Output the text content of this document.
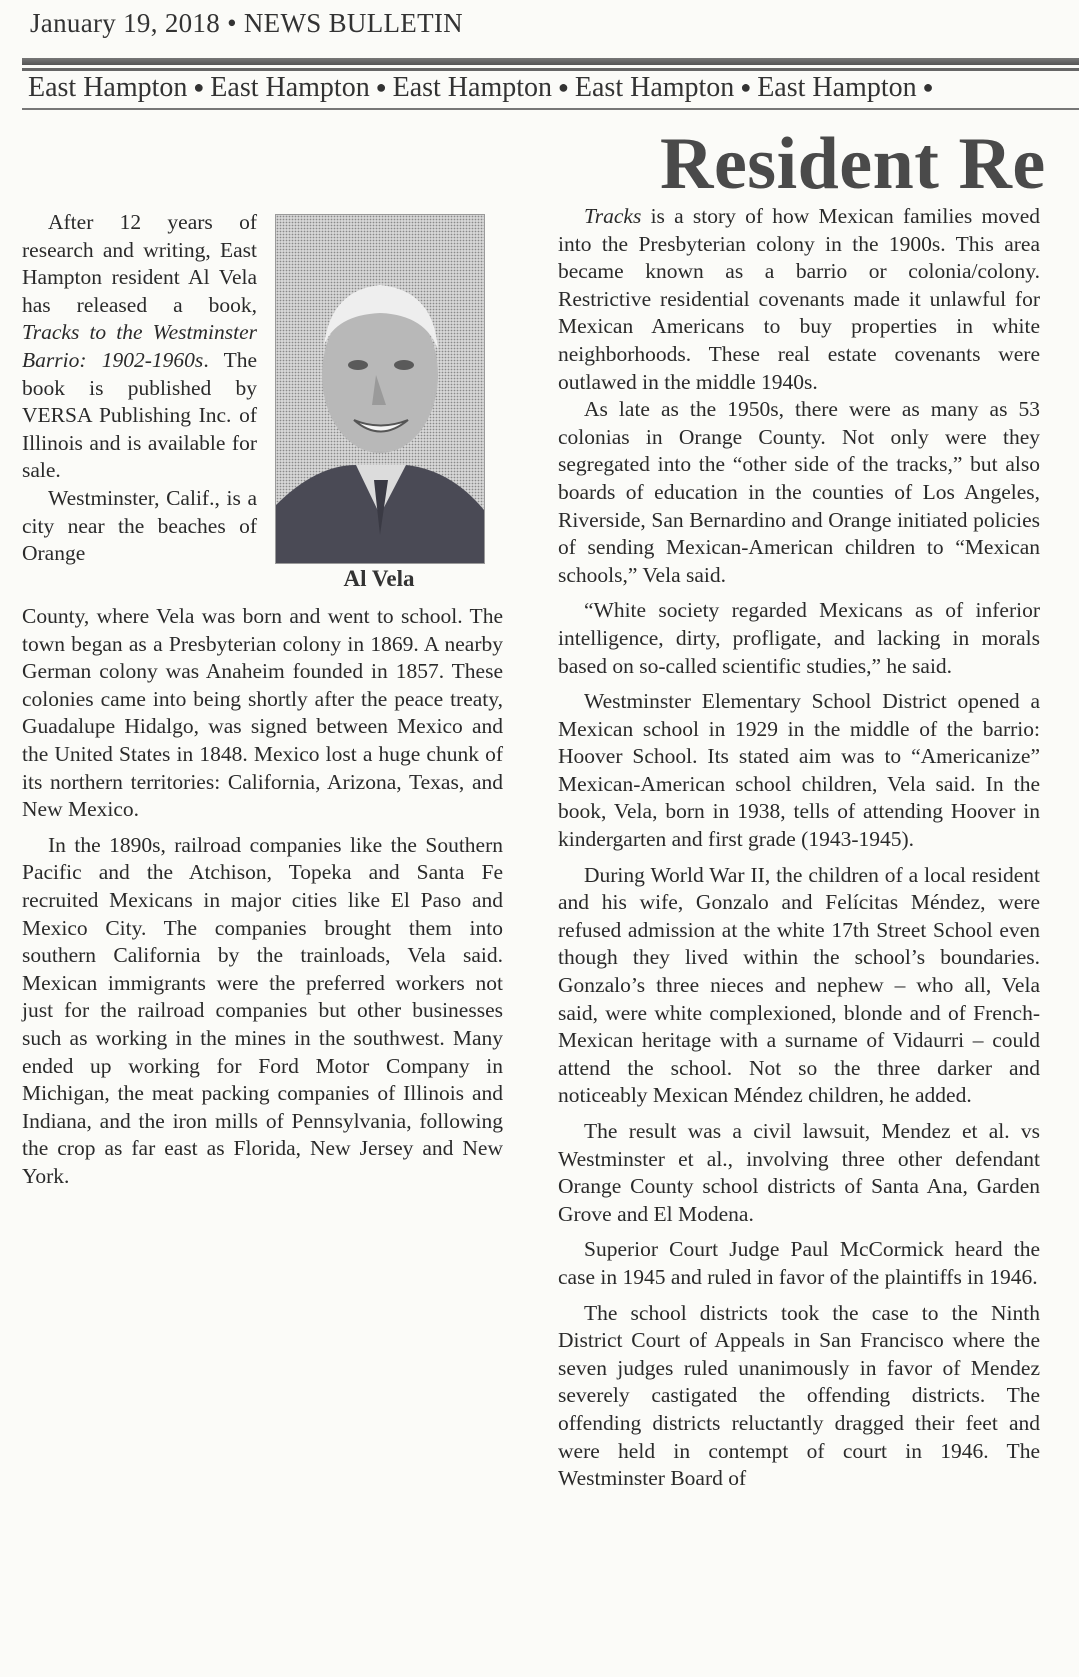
January 19, 2018 • NEWS BULLETIN
East Hampton ● East Hampton ● East Hampton ● East Hampton ● East Hampton ●
Resident Re
Al Vela

After 12 years of research and writing, East Hampton resident Al Vela has released a book, Tracks to the Westminster Barrio: 1902-1960s. The book is published by VERSA Publishing Inc. of Illinois and is available for sale.

Westminster, Calif., is a city near the beaches of Orange

County, where Vela was born and went to school. The town began as a Presbyterian colony in 1869. A nearby German colony was Anaheim founded in 1857. These colonies came into being shortly after the peace treaty, Guadalupe Hidalgo, was signed between Mexico and the United States in 1848. Mexico lost a huge chunk of its northern territories: California, Arizona, Texas, and New Mexico.

In the 1890s, railroad companies like the Southern Pacific and the Atchison, Topeka and Santa Fe recruited Mexicans in major cities like El Paso and Mexico City. The companies brought them into southern California by the trainloads, Vela said. Mexican immigrants were the preferred workers not just for the railroad companies but other businesses such as working in the mines in the southwest. Many ended up working for Ford Motor Company in Michigan, the meat packing companies of Illinois and Indiana, and the iron mills of Pennsylvania, following the crop as far east as Florida, New Jersey and New York.

Tracks is a story of how Mexican families moved into the Presbyterian colony in the 1900s. This area became known as a barrio or colonia/colony. Restrictive residential covenants made it unlawful for Mexican Americans to buy properties in white neighborhoods. These real estate covenants were outlawed in the middle 1940s.

As late as the 1950s, there were as many as 53 colonias in Orange County. Not only were they segregated into the “other side of the tracks,” but also boards of education in the counties of Los Angeles, Riverside, San Bernardino and Orange initiated policies of sending Mexican-American children to “Mexican schools,” Vela said.

“White society regarded Mexicans as of inferior intelligence, dirty, profligate, and lacking in morals based on so-called scientific studies,” he said.

Westminster Elementary School District opened a Mexican school in 1929 in the middle of the barrio: Hoover School. Its stated aim was to “Americanize” Mexican-American school children, Vela said. In the book, Vela, born in 1938, tells of attending Hoover in kindergarten and first grade (1943-1945).

During World War II, the children of a local resident and his wife, Gonzalo and Felícitas Méndez, were refused admission at the white 17th Street School even though they lived within the school’s boundaries. Gonzalo’s three nieces and nephew – who all, Vela said, were white complexioned, blonde and of French-Mexican heritage with a surname of Vidaurri – could attend the school. Not so the three darker and noticeably Mexican Méndez children, he added.

The result was a civil lawsuit, Mendez et al. vs Westminster et al., involving three other defendant Orange County school districts of Santa Ana, Garden Grove and El Modena.

Superior Court Judge Paul McCormick heard the case in 1945 and ruled in favor of the plaintiffs in 1946.

The school districts took the case to the Ninth District Court of Appeals in San Francisco where the seven judges ruled unanimously in favor of Mendez severely castigated the offending districts. The offending districts reluctantly dragged their feet and were held in contempt of court in 1946. The Westminster Board of
